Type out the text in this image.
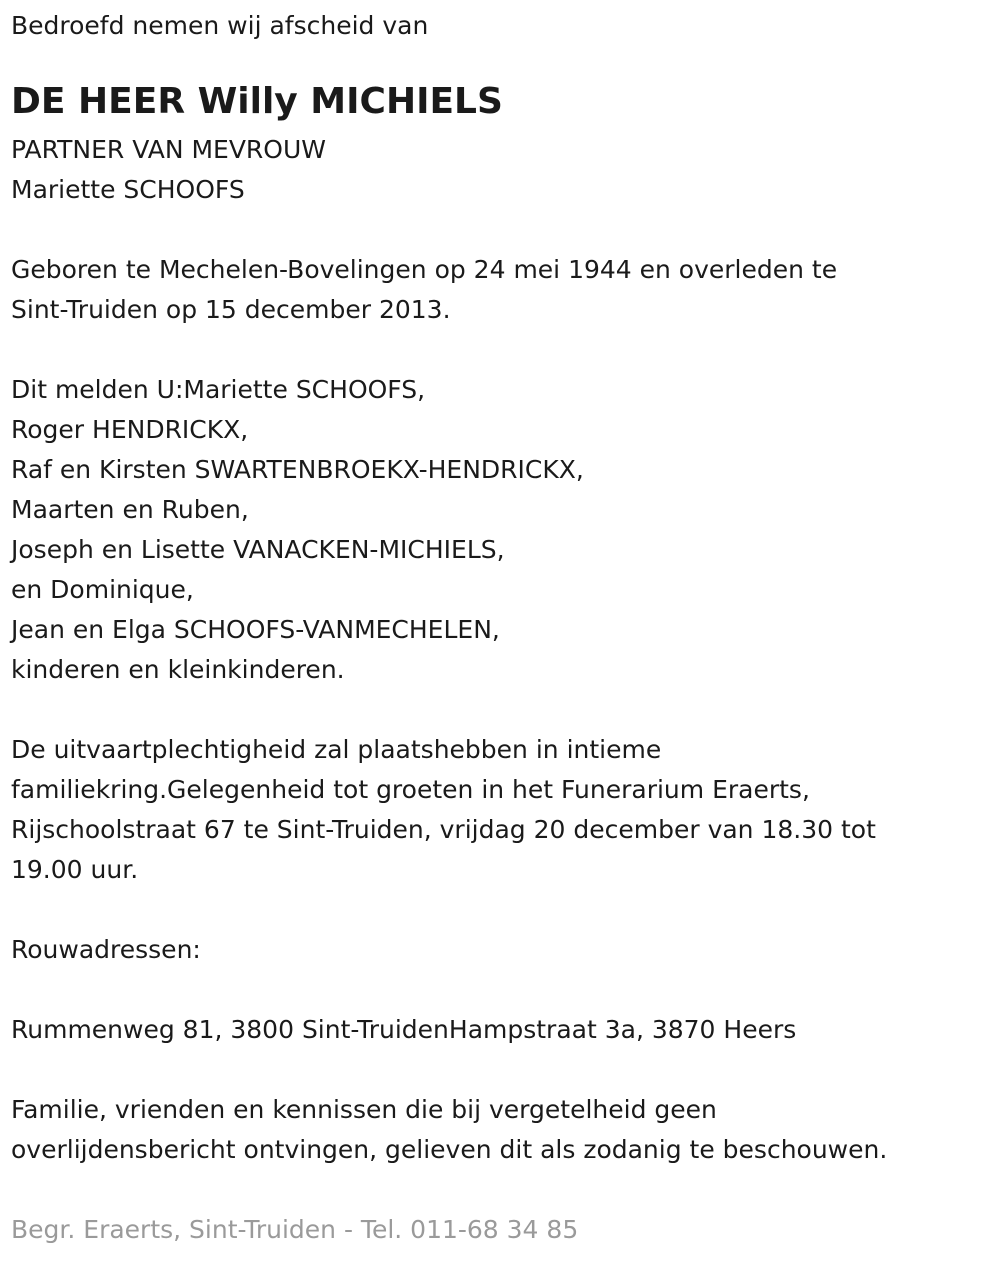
Bedroefd nemen wij afscheid van
DE HEER Willy MICHIELS
PARTNER VAN MEVROUW
Mariette SCHOOFS
Geboren te Mechelen-Bovelingen op 24 mei 1944 en overleden te
Sint-Truiden op 15 december 2013.
Dit melden U:Mariette SCHOOFS,
Roger HENDRICKX,
Raf en Kirsten SWARTENBROEKX-HENDRICKX,
Maarten en Ruben,
Joseph en Lisette VANACKEN-MICHIELS,
en Dominique,
Jean en Elga SCHOOFS-VANMECHELEN,
kinderen en kleinkinderen.
De uitvaartplechtigheid zal plaatshebben in intieme
familiekring.Gelegenheid tot groeten in het Funerarium Eraerts,
Rijschoolstraat 67 te Sint-Truiden, vrijdag 20 december van 18.30 tot
19.00 uur.
Rouwadressen:
Rummenweg 81, 3800 Sint-TruidenHampstraat 3a, 3870 Heers
Familie, vrienden en kennissen die bij vergetelheid geen
overlijdensbericht ontvingen, gelieven dit als zodanig te beschouwen.
Begr. Eraerts, Sint-Truiden - Tel. 011-68 34 85
